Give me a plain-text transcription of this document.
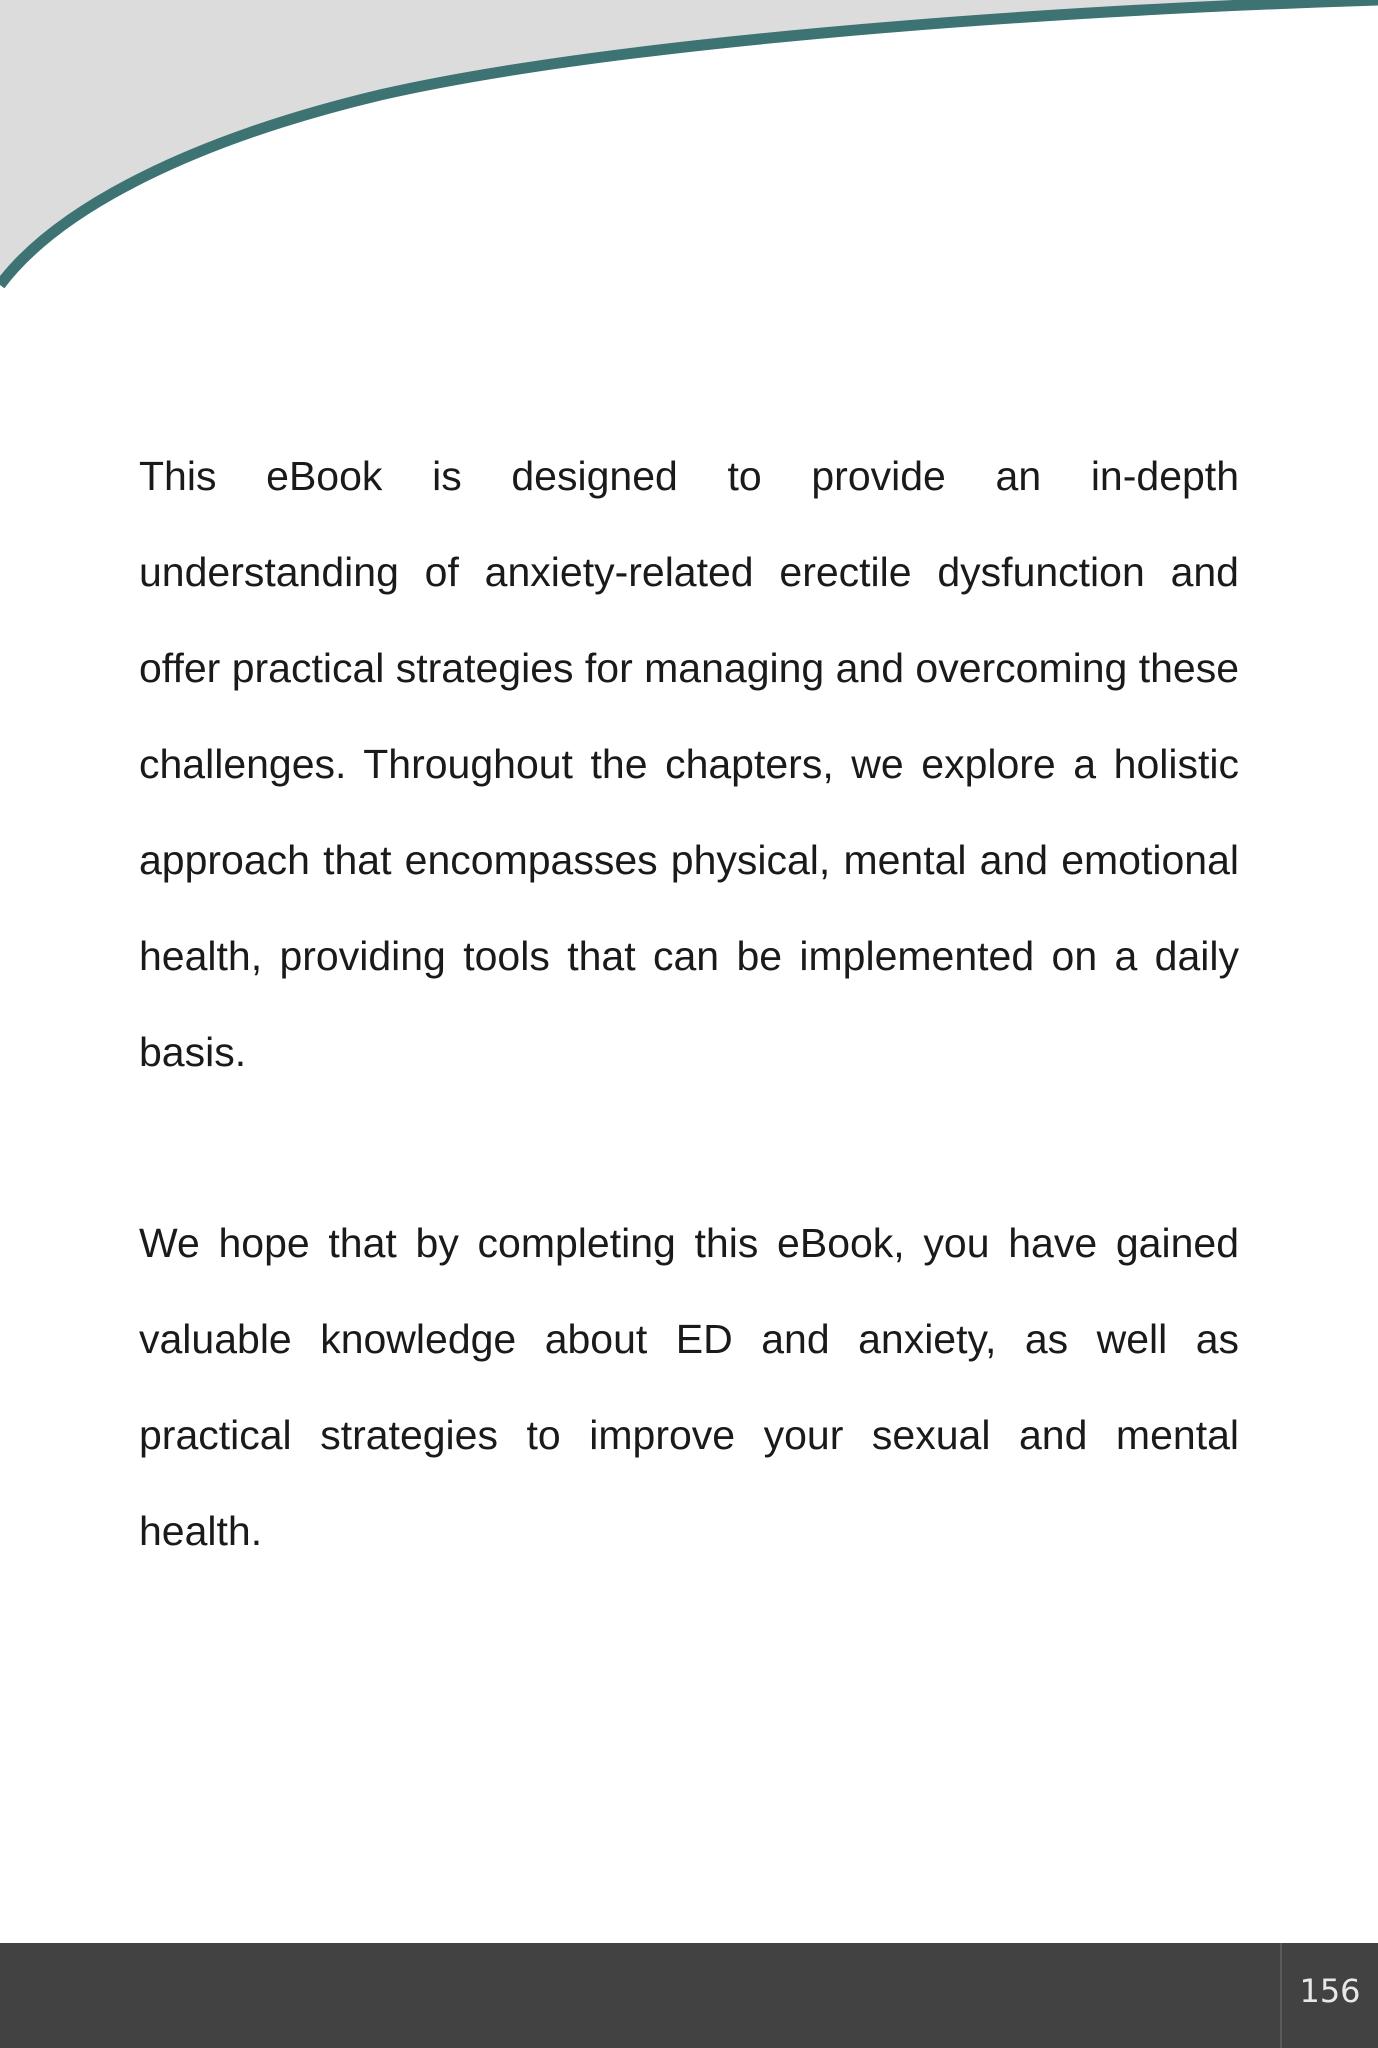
This eBook is designed to provide an in-depth understanding of anxiety-related erectile dysfunction and offer practical strategies for managing and overcoming these challenges. Throughout the chapters, we explore a holistic approach that encompasses physical, mental and emotional health, providing tools that can be implemented on a daily basis.

We hope that by completing this eBook, you have gained valuable knowledge about ED and anxiety, as well as practical strategies to improve your sexual and mental health.

156
